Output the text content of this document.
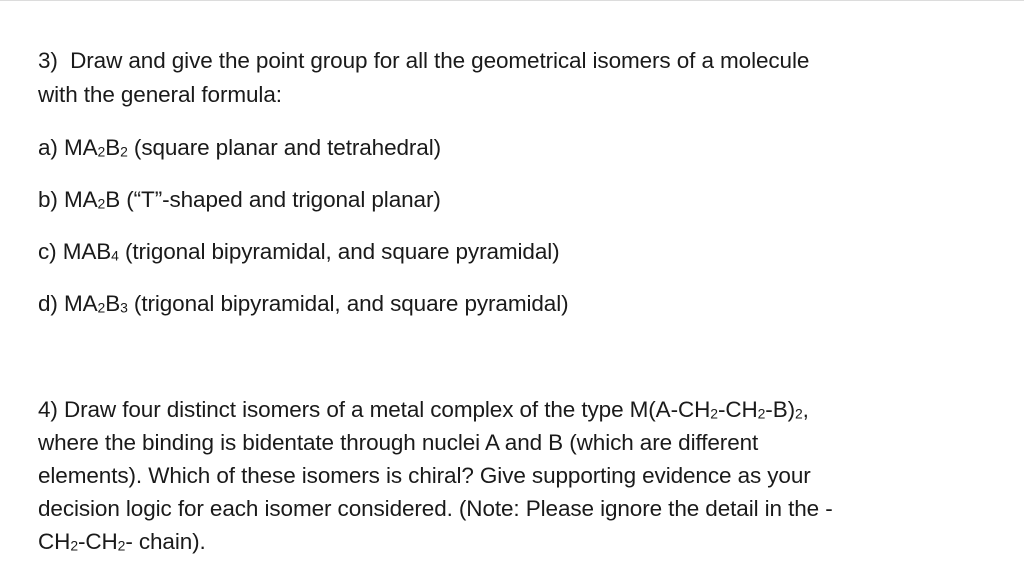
3) Draw and give the point group for all the geometrical isomers of a molecule
with the general formula:
a) MA2B2 (square planar and tetrahedral)
b) MA2B (“T”-shaped and trigonal planar)
c) MAB4 (trigonal bipyramidal, and square pyramidal)
d) MA2B3 (trigonal bipyramidal, and square pyramidal)
4) Draw four distinct isomers of a metal complex of the type M(A-CH2-CH2-B)2,
where the binding is bidentate through nuclei A and B (which are different
elements). Which of these isomers is chiral? Give supporting evidence as your
decision logic for each isomer considered. (Note: Please ignore the detail in the -
CH2-CH2- chain).
